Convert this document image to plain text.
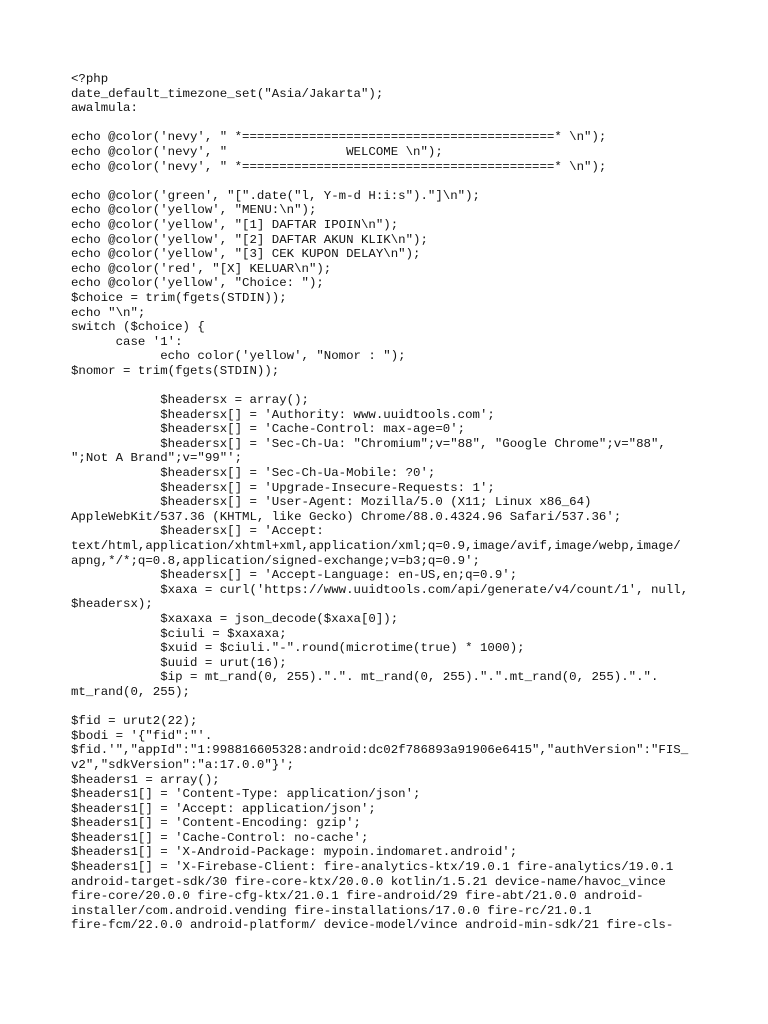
<?php
date_default_timezone_set("Asia/Jakarta");
awalmula:
echo @color('nevy', " *==========================================* \n");
echo @color('nevy', "                WELCOME \n");
echo @color('nevy', " *==========================================* \n");
echo @color('green', "[".date("l, Y-m-d H:i:s")."]\n");
echo @color('yellow', "MENU:\n");
echo @color('yellow', "[1] DAFTAR IPOIN\n");
echo @color('yellow', "[2] DAFTAR AKUN KLIK\n");
echo @color('yellow', "[3] CEK KUPON DELAY\n");
echo @color('red', "[X] KELUAR\n");
echo @color('yellow', "Choice: ");
$choice = trim(fgets(STDIN));
echo "\n";
switch ($choice) {
case '1':
echo color('yellow', "Nomor : ");
$nomor = trim(fgets(STDIN));
$headersx = array();
$headersx[] = 'Authority: www.uuidtools.com';
$headersx[] = 'Cache-Control: max-age=0';
$headersx[] = 'Sec-Ch-Ua: "Chromium";v="88", "Google Chrome";v="88",
";Not A Brand";v="99"';
$headersx[] = 'Sec-Ch-Ua-Mobile: ?0';
$headersx[] = 'Upgrade-Insecure-Requests: 1';
$headersx[] = 'User-Agent: Mozilla/5.0 (X11; Linux x86_64)
AppleWebKit/537.36 (KHTML, like Gecko) Chrome/88.0.4324.96 Safari/537.36';
$headersx[] = 'Accept:
text/html,application/xhtml+xml,application/xml;q=0.9,image/avif,image/webp,image/
apng,*/*;q=0.8,application/signed-exchange;v=b3;q=0.9';
$headersx[] = 'Accept-Language: en-US,en;q=0.9';
$xaxa = curl('https://www.uuidtools.com/api/generate/v4/count/1', null,
$headersx);
$xaxaxa = json_decode($xaxa[0]);
$ciuli = $xaxaxa;
$xuid = $ciuli."-".round(microtime(true) * 1000);
$uuid = urut(16);
$ip = mt_rand(0, 255).".". mt_rand(0, 255).".".mt_rand(0, 255).".".
mt_rand(0, 255);
$fid = urut2(22);
$bodi = '{"fid":"'.
$fid.'","appId":"1:998816605328:android:dc02f786893a91906e6415","authVersion":"FIS_
v2","sdkVersion":"a:17.0.0"}';
$headers1 = array();
$headers1[] = 'Content-Type: application/json';
$headers1[] = 'Accept: application/json';
$headers1[] = 'Content-Encoding: gzip';
$headers1[] = 'Cache-Control: no-cache';
$headers1[] = 'X-Android-Package: mypoin.indomaret.android';
$headers1[] = 'X-Firebase-Client: fire-analytics-ktx/19.0.1 fire-analytics/19.0.1
android-target-sdk/30 fire-core-ktx/20.0.0 kotlin/1.5.21 device-name/havoc_vince
fire-core/20.0.0 fire-cfg-ktx/21.0.1 fire-android/29 fire-abt/21.0.0 android-
installer/com.android.vending fire-installations/17.0.0 fire-rc/21.0.1
fire-fcm/22.0.0 android-platform/ device-model/vince android-min-sdk/21 fire-cls-
